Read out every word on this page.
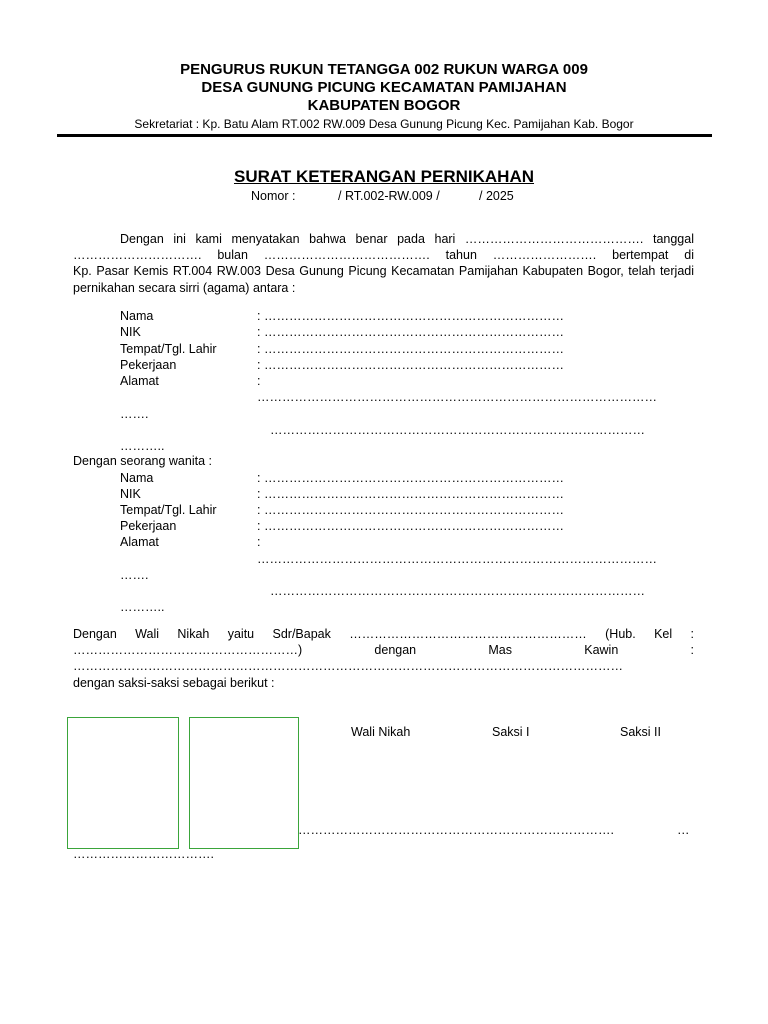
PENGURUS RUKUN TETANGGA 002 RUKUN WARGA 009
DESA GUNUNG PICUNG KECAMATAN PAMIJAHAN
KABUPATEN BOGOR
Sekretariat : Kp. Batu Alam RT.002 RW.009 Desa Gunung Picung Kec. Pamijahan Kab. Bogor
SURAT KETERANGAN PERNIKAHAN
Nomor :	/ RT.002-RW.009 /	/ 2025
Dengan ini kami menyatakan bahwa benar pada hari ……………………………………. tanggal
…………………………. bulan …………………………………. tahun ……………………. bertempat di
Kp. Pasar Kemis RT.004 RW.003 Desa Gunung Picung Kecamatan Pamijahan Kabupaten Bogor, telah terjadi
pernikahan secara sirri (agama) antara :
Nama	: ………………………………………………………………
NIK	: ………………………………………………………………
Tempat/Tgl. Lahir	: ………………………………………………………………
Pekerjaan	: ………………………………………………………………
Alamat	:
……………………………………………………………………………………
…….
………………………………………………………………………………
………..
Dengan seorang wanita :
Nama	: ………………………………………………………………
NIK	: ………………………………………………………………
Tempat/Tgl. Lahir	: ………………………………………………………………
Pekerjaan	: ………………………………………………………………
Alamat	:
……………………………………………………………………………………
…….
………………………………………………………………………………
………..
Dengan Wali Nikah yaitu Sdr/Bapak ………………………………………………… (Hub. Kel :
………………………………………………) dengan Mas Kawin :
……………………………………………………………………………………………………………………
dengan saksi-saksi sebagai berikut :
Wali Nikah	Saksi I	Saksi II
………………………………………………………………….	…
…………………………….
